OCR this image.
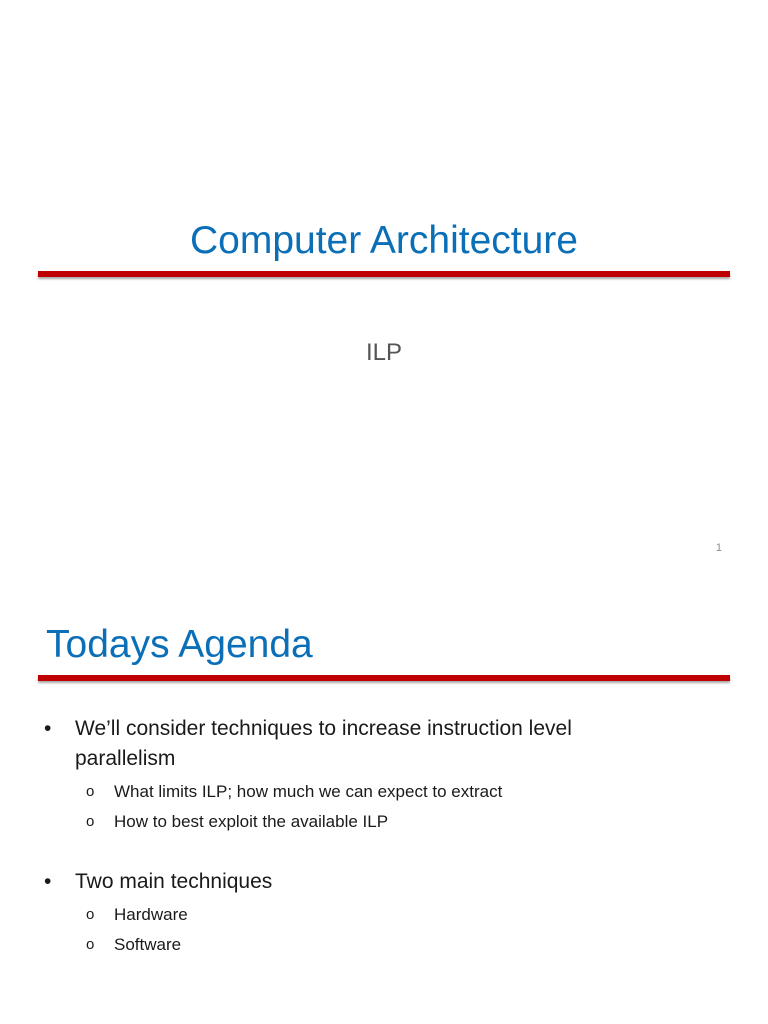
Computer Architecture
ILP
1
Todays Agenda
• We’ll consider techniques to increase instruction level parallelism
o What limits ILP; how much we can expect to extract
o How to best exploit the available ILP
• Two main techniques
o Hardware
o Software
